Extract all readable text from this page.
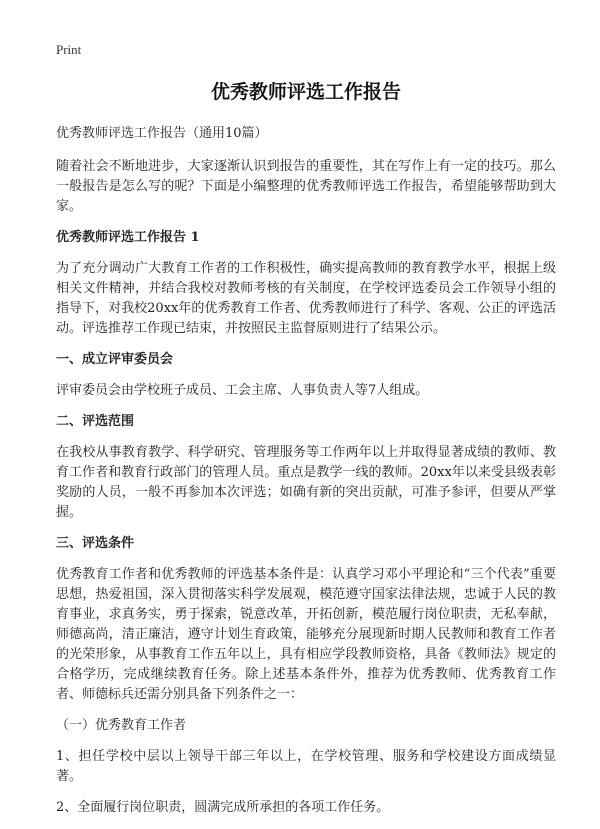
Print
优秀教师评选工作报告
优秀教师评选工作报告（通用10篇）

随着社会不断地进步，大家逐渐认识到报告的重要性，其在写作上有一定的技巧。那么一般报告是怎么写的呢？下面是小编整理的优秀教师评选工作报告，希望能够帮助到大家。

优秀教师评选工作报告 1

为了充分调动广大教育工作者的工作积极性，确实提高教师的教育教学水平，根据上级相关文件精神，并结合我校对教师考核的有关制度，在学校评选委员会工作领导小组的指导下，对我校20xx年的优秀教育工作者、优秀教师进行了科学、客观、公正的评选活动。评选推荐工作现已结束，并按照民主监督原则进行了结果公示。

一、成立评审委员会

评审委员会由学校班子成员、工会主席、人事负责人等7人组成。

二、评选范围

在我校从事教育教学、科学研究、管理服务等工作两年以上并取得显著成绩的教师、教育工作者和教育行政部门的管理人员。重点是教学一线的教师。20xx年以来受县级表彰奖励的人员，一般不再参加本次评选；如确有新的突出贡献，可准予参评，但要从严掌握。

三、评选条件

优秀教育工作者和优秀教师的评选基本条件是：认真学习邓小平理论和“三个代表”重要思想，热爱祖国，深入贯彻落实科学发展观，模范遵守国家法律法规，忠诚于人民的教育事业，求真务实，勇于探索，锐意改革，开拓创新，模范履行岗位职责，无私奉献，师德高尚，清正廉洁，遵守计划生育政策，能够充分展现新时期人民教师和教育工作者的光荣形象，从事教育工作五年以上，具有相应学段教师资格，具备《教师法》规定的合格学历，完成继续教育任务。除上述基本条件外，推荐为优秀教师、优秀教育工作者、师德标兵还需分别具备下列条件之一：

（一）优秀教育工作者

1、担任学校中层以上领导干部三年以上，在学校管理、服务和学校建设方面成绩显著。

2、全面履行岗位职责，圆满完成所承担的各项工作任务。
